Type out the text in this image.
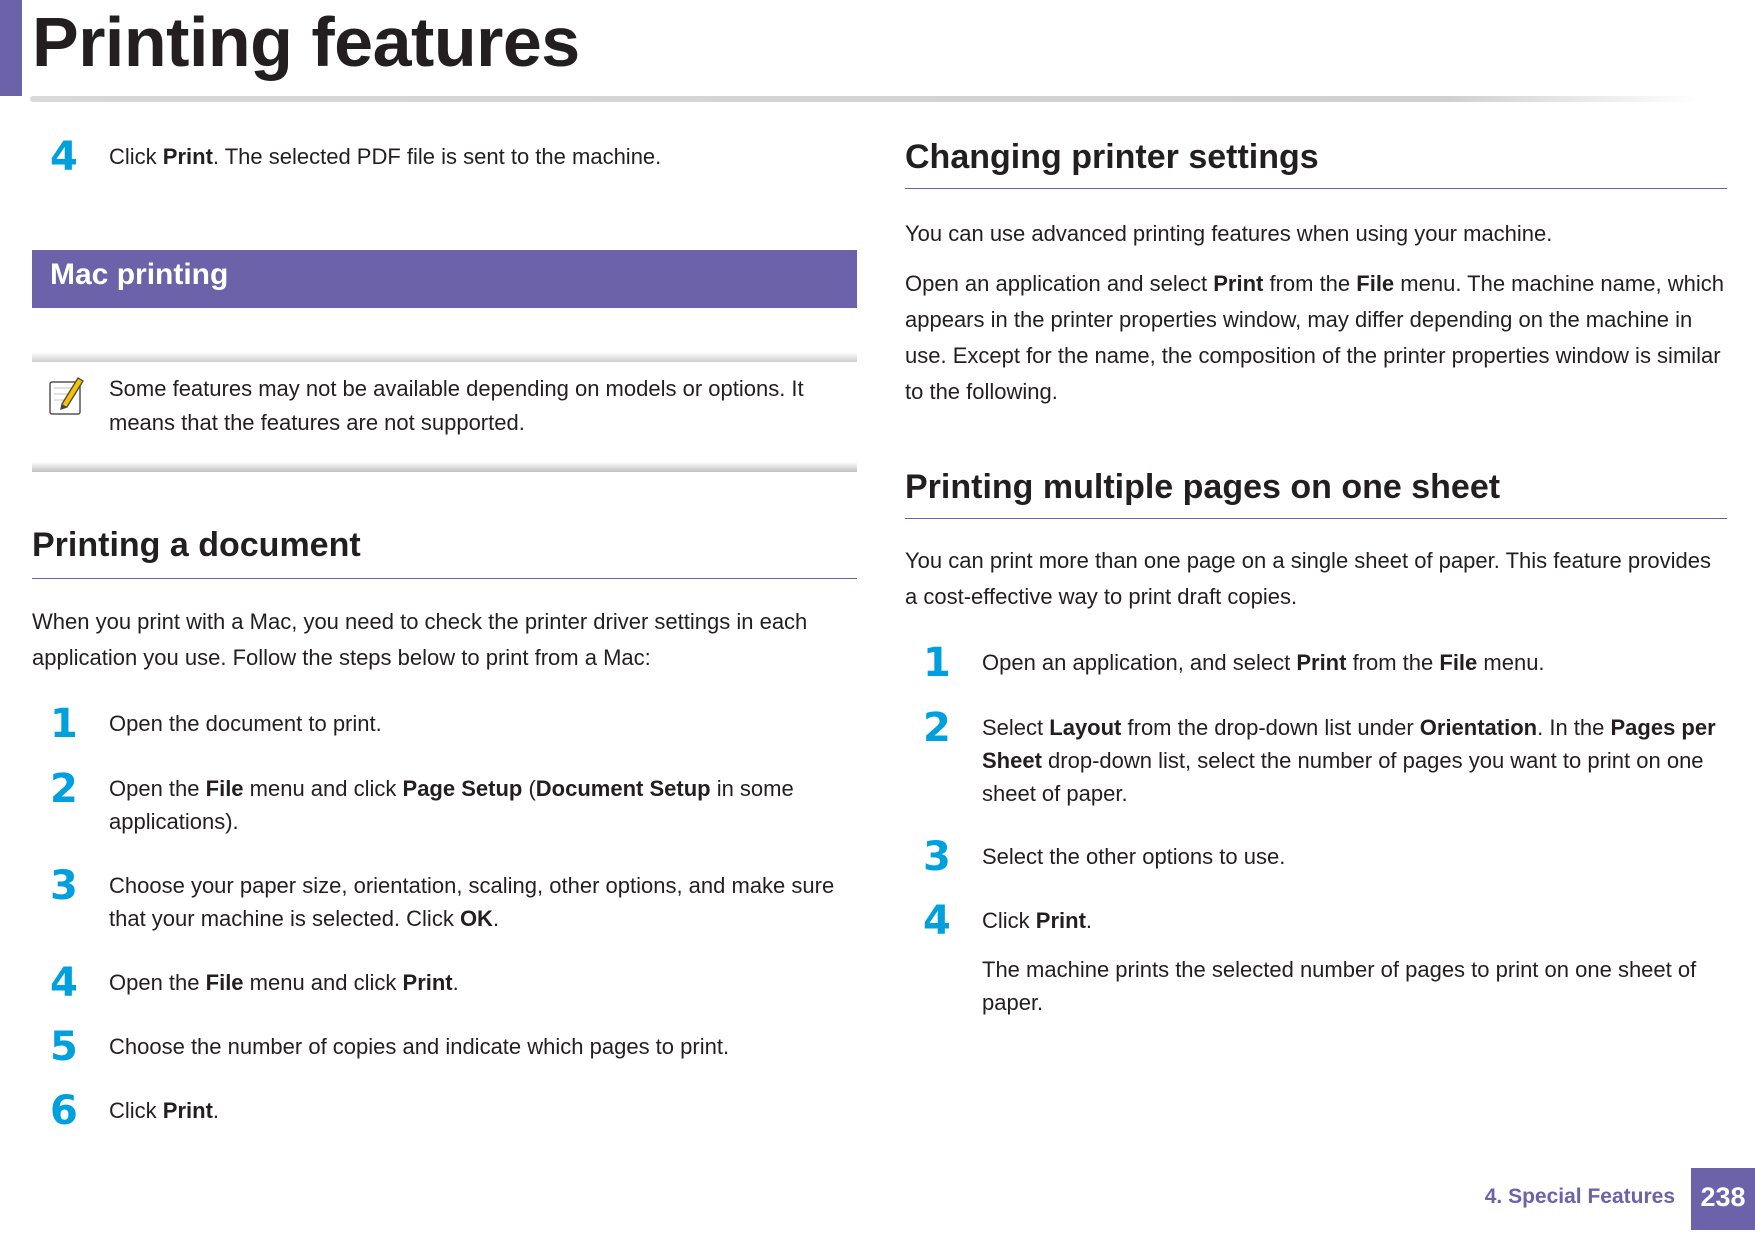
Printing features
4 Click Print. The selected PDF file is sent to the machine.
Mac printing
Some features may not be available depending on models or options. It means that the features are not supported.
Printing a document
When you print with a Mac, you need to check the printer driver settings in each application you use. Follow the steps below to print from a Mac:
1 Open the document to print.
2 Open the File menu and click Page Setup (Document Setup in some applications).
3 Choose your paper size, orientation, scaling, other options, and make sure that your machine is selected. Click OK.
4 Open the File menu and click Print.
5 Choose the number of copies and indicate which pages to print.
6 Click Print.
Changing printer settings
You can use advanced printing features when using your machine.
Open an application and select Print from the File menu. The machine name, which appears in the printer properties window, may differ depending on the machine in use. Except for the name, the composition of the printer properties window is similar to the following.
Printing multiple pages on one sheet
You can print more than one page on a single sheet of paper. This feature provides a cost-effective way to print draft copies.
1 Open an application, and select Print from the File menu.
2 Select Layout from the drop-down list under Orientation. In the Pages per Sheet drop-down list, select the number of pages you want to print on one sheet of paper.
3 Select the other options to use.
4 Click Print.
The machine prints the selected number of pages to print on one sheet of paper.
4. Special Features 238
